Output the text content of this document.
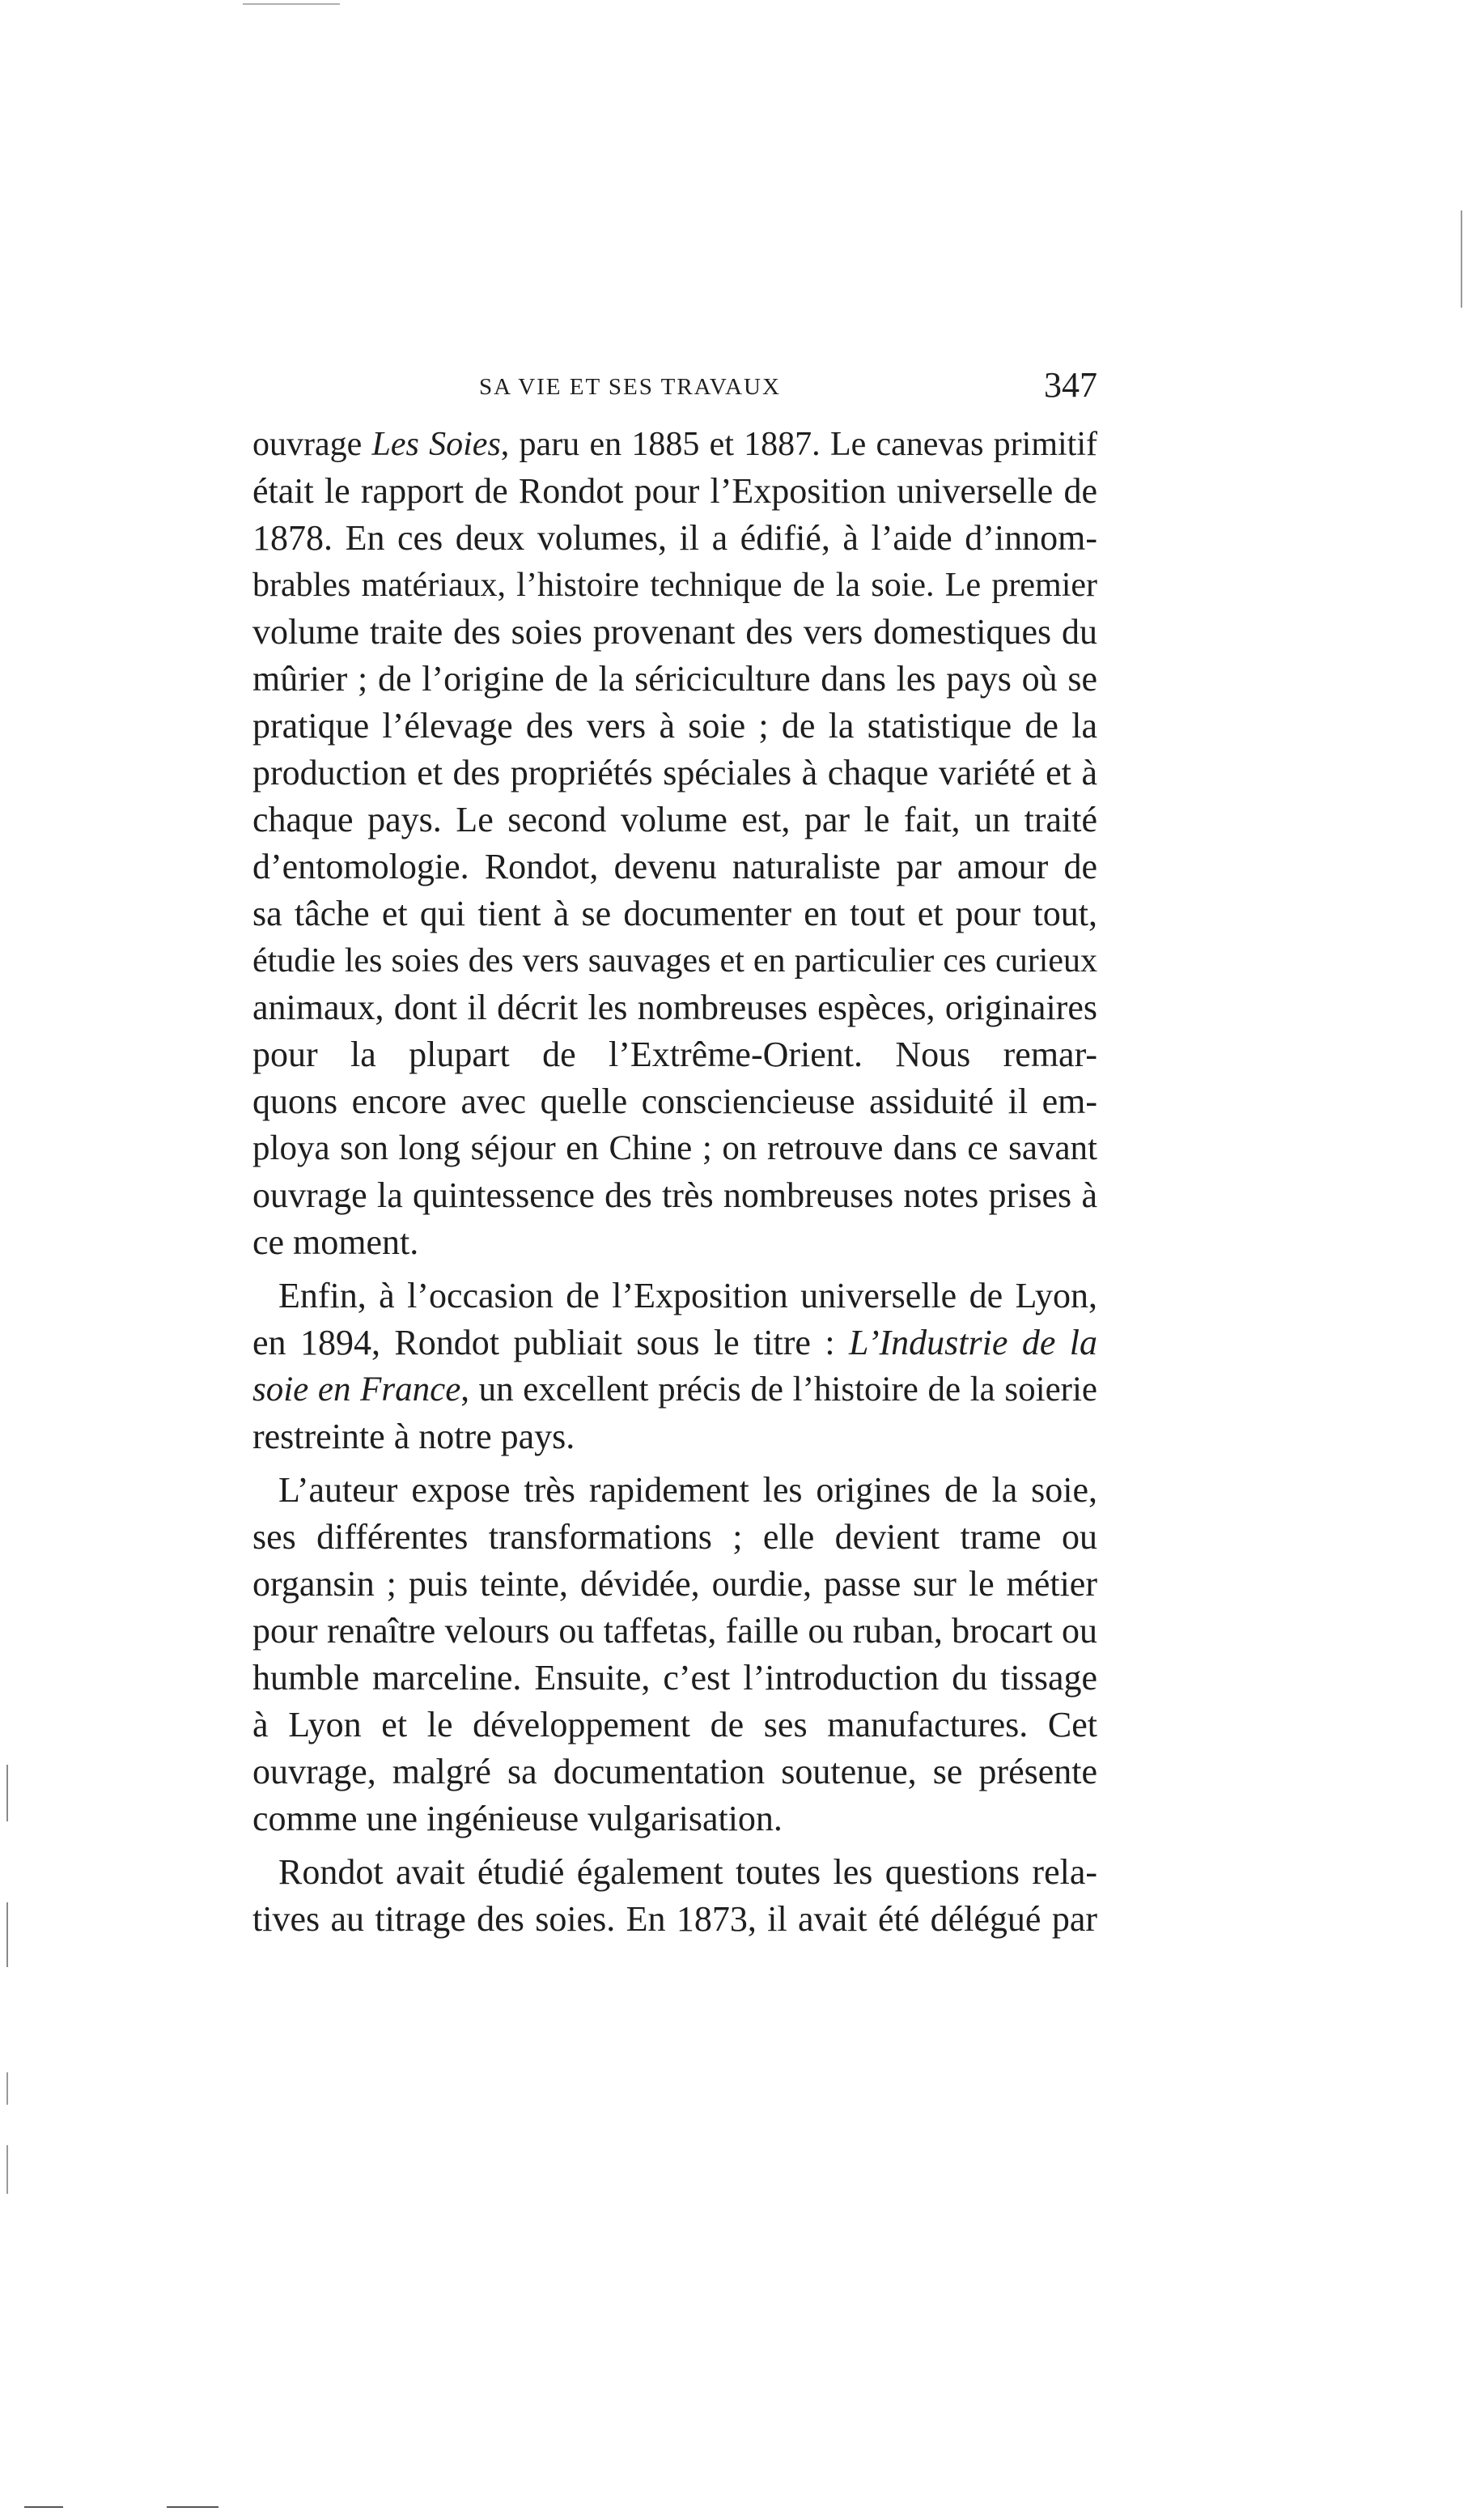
SA VIE ET SES TRAVAUX	347
ouvrage Les Soies, paru en 1885 et 1887. Le canevas primitif
était le rapport de Rondot pour l’Exposition universelle de
1878. En ces deux volumes, il a édifié, à l’aide d’innom-
brables matériaux, l’histoire technique de la soie. Le premier
volume traite des soies provenant des vers domestiques du
mûrier ; de l’origine de la sériciculture dans les pays où se
pratique l’élevage des vers à soie ; de la statistique de la
production et des propriétés spéciales à chaque variété et à
chaque pays. Le second volume est, par le fait, un traité
d’entomologie. Rondot, devenu naturaliste par amour de
sa tâche et qui tient à se documenter en tout et pour tout,
étudie les soies des vers sauvages et en particulier ces curieux
animaux, dont il décrit les nombreuses espèces, originaires
pour la plupart de l’Extrême-Orient. Nous remar-
quons encore avec quelle consciencieuse assiduité il em-
ploya son long séjour en Chine ; on retrouve dans ce savant
ouvrage la quintessence des très nombreuses notes prises à
ce moment.
Enfin, à l’occasion de l’Exposition universelle de Lyon,
en 1894, Rondot publiait sous le titre : L’Industrie de la
soie en France, un excellent précis de l’histoire de la soierie
restreinte à notre pays.
L’auteur expose très rapidement les origines de la soie,
ses différentes transformations ; elle devient trame ou
organsin ; puis teinte, dévidée, ourdie, passe sur le métier
pour renaître velours ou taffetas, faille ou ruban, brocart ou
humble marceline. Ensuite, c’est l’introduction du tissage
à Lyon et le développement de ses manufactures. Cet
ouvrage, malgré sa documentation soutenue, se présente
comme une ingénieuse vulgarisation.
Rondot avait étudié également toutes les questions rela-
tives au titrage des soies. En 1873, il avait été délégué par
